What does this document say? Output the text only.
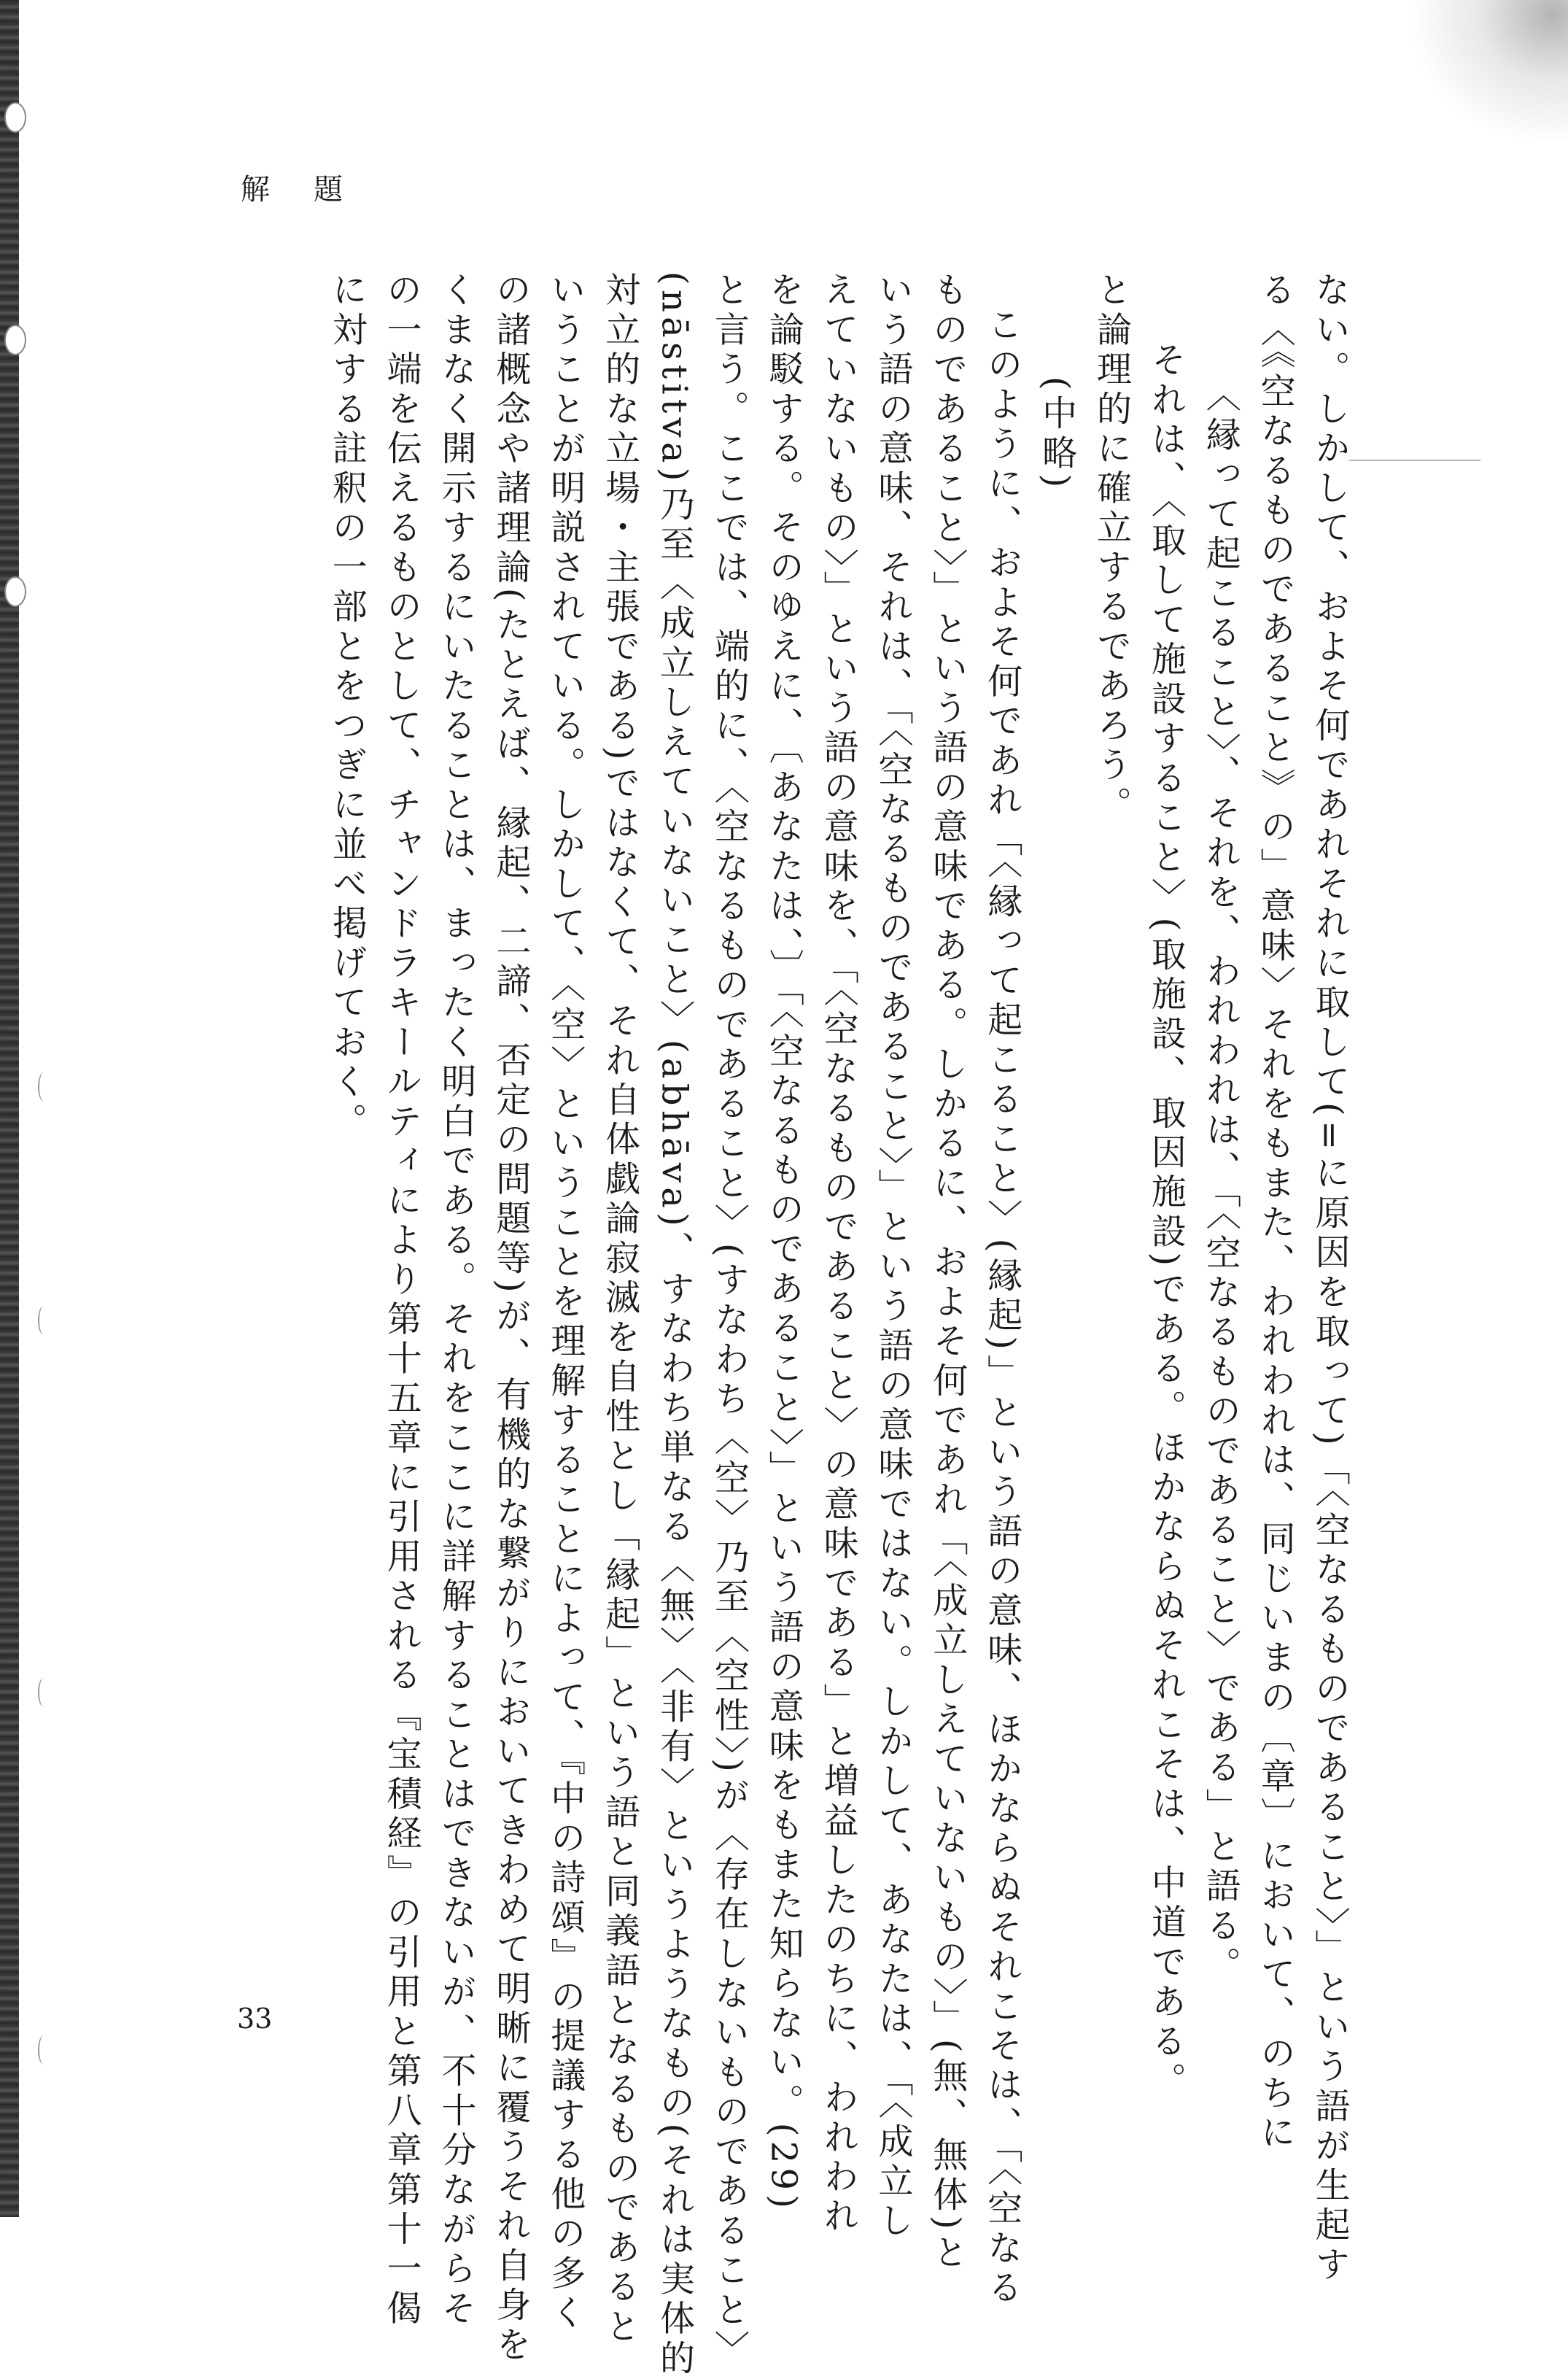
解題
ない。しかして、およそ何であれそれに取して(=に原因を取って)「〈空なるものであること〉」という語が生起す
る〈《空なるものであること》の」意味〉それをもまた、われわれは、同じいまの〔章〕において、のちに
〈縁って起こること〉、それを、われわれは、「〈空なるものであること〉である」と語る。
それは、〈取して施設すること〉(取施設、取因施設)である。ほかならぬそれこそは、中道である。
と論理的に確立するであろう。
(中略)
このように、およそ何であれ「〈縁って起こること〉(縁起)」という語の意味、ほかならぬそれこそは、「〈空なる
ものであること〉」という語の意味である。しかるに、およそ何であれ「〈成立しえていないもの〉」(無、無体)と
いう語の意味、それは、「〈空なるものであること〉」という語の意味ではない。しかして、あなたは、「〈成立し
えていないもの〉」という語の意味を、「〈空なるものであること〉の意味である」と増益したのちに、われわれ
を論駁する。そのゆえに、〔あなたは、〕「〈空なるものであること〉」という語の意味をもまた知らない。(29)
と言う。ここでは、端的に、〈空なるものであること〉(すなわち〈空〉乃至〈空性〉)が〈存在しないものであること〉
(nāstitva)乃至〈成立しえていないこと〉(abhāva)、すなわち単なる〈無〉〈非有〉というようなもの(それは実体的
対立的な立場・主張である)ではなくて、それ自体戯論寂滅を自性とし「縁起」という語と同義語となるものであると
いうことが明説されている。しかして、〈空〉ということを理解することによって、『中の詩頌』の提議する他の多く
の諸概念や諸理論(たとえば、縁起、二諦、否定の問題等)が、有機的な繋がりにおいてきわめて明晰に覆うそれ自身を
くまなく開示するにいたることは、まったく明白である。それをここに詳解することはできないが、不十分ながらそ
の一端を伝えるものとして、チャンドラキールティにより第十五章に引用される『宝積経』の引用と第八章第十一偈
に対する註釈の一部とをつぎに並べ掲げておく。
33
